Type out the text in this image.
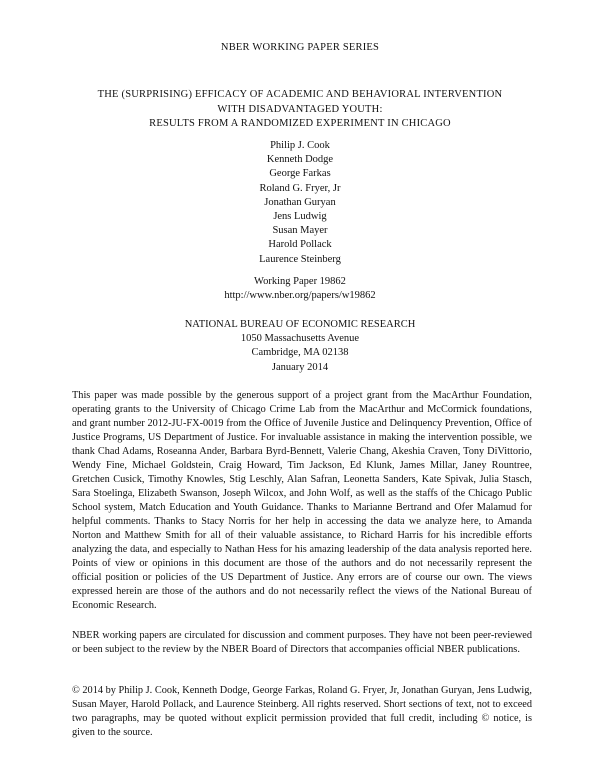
NBER WORKING PAPER SERIES
THE (SURPRISING) EFFICACY OF ACADEMIC AND BEHAVIORAL INTERVENTION
WITH DISADVANTAGED YOUTH:
RESULTS FROM A RANDOMIZED EXPERIMENT IN CHICAGO
Philip J. Cook
Kenneth Dodge
George Farkas
Roland G. Fryer, Jr
Jonathan Guryan
Jens Ludwig
Susan Mayer
Harold Pollack
Laurence Steinberg
Working Paper 19862
http://www.nber.org/papers/w19862
NATIONAL BUREAU OF ECONOMIC RESEARCH
1050 Massachusetts Avenue
Cambridge, MA 02138
January 2014
This paper was made possible by the generous support of a project grant from the MacArthur Foundation, operating grants to the University of Chicago Crime Lab from the MacArthur and McCormick foundations, and grant number 2012-JU-FX-0019 from the Office of Juvenile Justice and Delinquency Prevention, Office of Justice Programs, US Department of Justice. For invaluable assistance in making the intervention possible, we thank Chad Adams, Roseanna Ander, Barbara Byrd-Bennett, Valerie Chang, Akeshia Craven, Tony DiVittorio, Wendy Fine, Michael Goldstein, Craig Howard, Tim Jackson, Ed Klunk, James Millar, Janey Rountree, Gretchen Cusick, Timothy Knowles, Stig Leschly, Alan Safran, Leonetta Sanders, Kate Spivak, Julia Stasch, Sara Stoelinga, Elizabeth Swanson, Joseph Wilcox, and John Wolf, as well as the staffs of the Chicago Public School system, Match Education and Youth Guidance. Thanks to Marianne Bertrand and Ofer Malamud for helpful comments. Thanks to Stacy Norris for her help in accessing the data we analyze here, to Amanda Norton and Matthew Smith for all of their valuable assistance, to Richard Harris for his incredible efforts analyzing the data, and especially to Nathan Hess for his amazing leadership of the data analysis reported here. Points of view or opinions in this document are those of the authors and do not necessarily represent the official position or policies of the US Department of Justice. Any errors are of course our own. The views expressed herein are those of the authors and do not necessarily reflect the views of the National Bureau of Economic Research.
NBER working papers are circulated for discussion and comment purposes. They have not been peer-reviewed or been subject to the review by the NBER Board of Directors that accompanies official NBER publications.
© 2014 by Philip J. Cook, Kenneth Dodge, George Farkas, Roland G. Fryer, Jr, Jonathan Guryan, Jens Ludwig, Susan Mayer, Harold Pollack, and Laurence Steinberg. All rights reserved. Short sections of text, not to exceed two paragraphs, may be quoted without explicit permission provided that full credit, including © notice, is given to the source.
